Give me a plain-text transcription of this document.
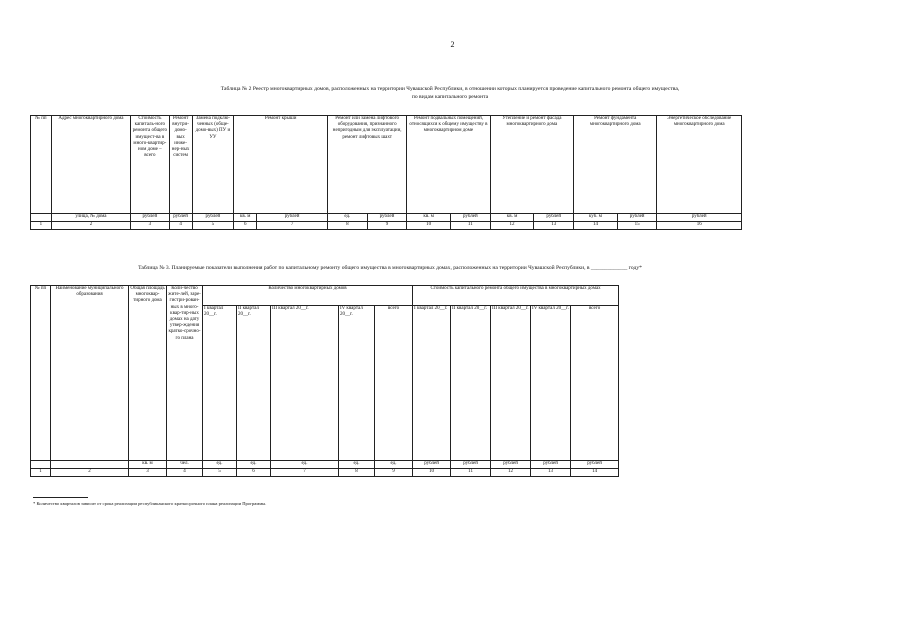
2
Таблица № 2 Реестр многоквартирных домов, расположенных на территории Чувашской Республики, в отношении которых планируется проведение капитального ремонта общего имущества,
по видам капитального ремонта
№ пп	Адрес многоквартирного дома	Стоимость капиталь-ного ремонта общего имущест-ва в много-квартир-ном доме – всего	Ремонт внутри-домо-вых инже-нер-ных систем	Замена подклю-ченных (обще-домо-вых) ПУ и УУ	Ремонт крыши		Ремонт или замена лифтового оборудования, признанного непригодным для эксплуатации, ремонт лифтовых шахт		Ремонт подвальных помещений, относящихся к общему имуществу в многоквартирном доме		Утепление и ремонт фасада многоквартирного дома		Ремонт фундамента многоквартирного дома		Энергетическое обследование многоквартирного дома
	улица, № дома	рублей	рублей	рублей	кв. м	рублей	ед.	рублей	кв. м	рублей	кв. м	рублей	куб. м	рублей	рублей
1	2	3	4	5	6	7	8	9	10	11	12	13	14	15	16
Таблица № 3. Планируемые показатели выполнения работ по капитальному ремонту общего имущества в многоквартирных домах, расположенных на территории Чувашской Республики, в _____________ году*
№ пп	Наименование муниципального образования	Общая площадь многоквар-тирного дома	Коли-чество жите-лей, заре-гистри-рован-ных в много-квар-тир-ных домах на дату утвер-ждения кратко-срочно-го плана	Количество многоквартирных домов					Стоимость капитального ремонта общего имущества в многоквартирных домах				
				I квартал 20__г.	II квартал 20__г.	III квартал 20__г.	IV квартал 20__г.	всего	I квартал 20__г.	II квартал 20__г.	III квартал 20__г.	IV квартал 20__г.	всего
		кв. м	чел.	ед.	ед.	ед.	ед.	ед.	рублей	рублей	рублей	рублей	рублей
1	2	3	4	5	6	7	8	9	10	11	12	13	14
* Количество кварталов зависит от срока реализации республиканского краткосрочного плана реализации Программы.
